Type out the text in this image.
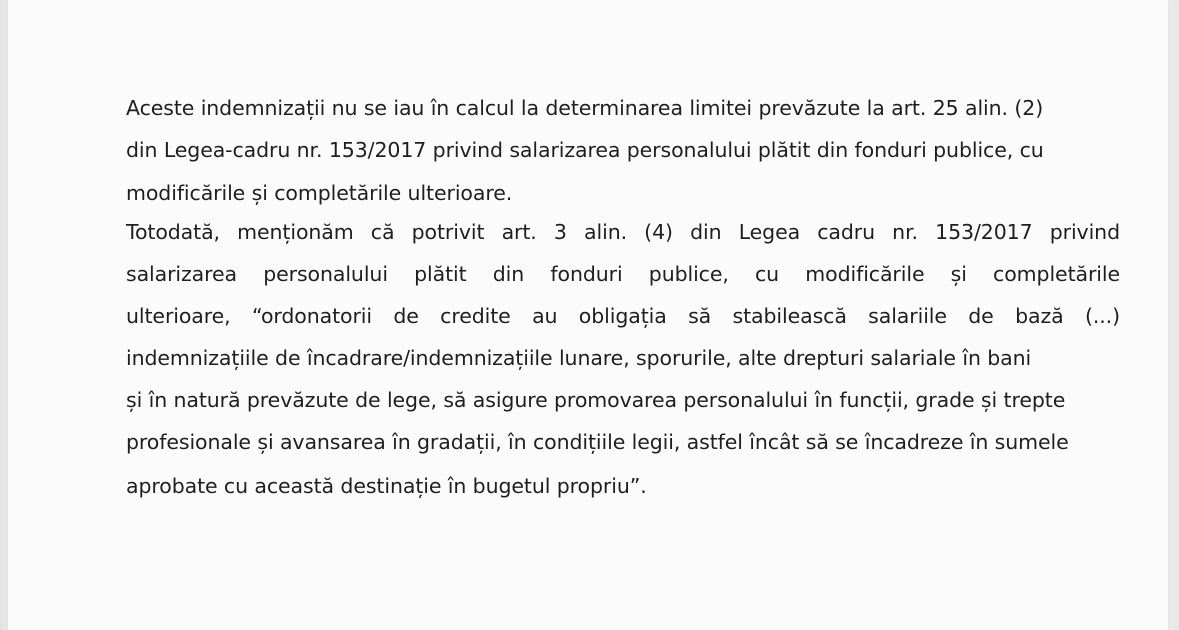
Aceste indemnizații nu se iau în calcul la determinarea limitei prevăzute la art. 25 alin. (2)
din Legea-cadru nr. 153/2017 privind salarizarea personalului plătit din fonduri publice, cu
modificările și completările ulterioare.
Totodată, menționăm că potrivit art. 3 alin. (4) din Legea cadru nr. 153/2017 privind
salarizarea personalului plătit din fonduri publice, cu modificările și completările
ulterioare, “ordonatorii de credite au obligația să stabilească salariile de bază (...)
indemnizațiile de încadrare/indemnizațiile lunare, sporurile, alte drepturi salariale în bani
și în natură prevăzute de lege, să asigure promovarea personalului în funcții, grade și trepte
profesionale și avansarea în gradații, în condițiile legii, astfel încât să se încadreze în sumele
aprobate cu această destinație în bugetul propriu”.
